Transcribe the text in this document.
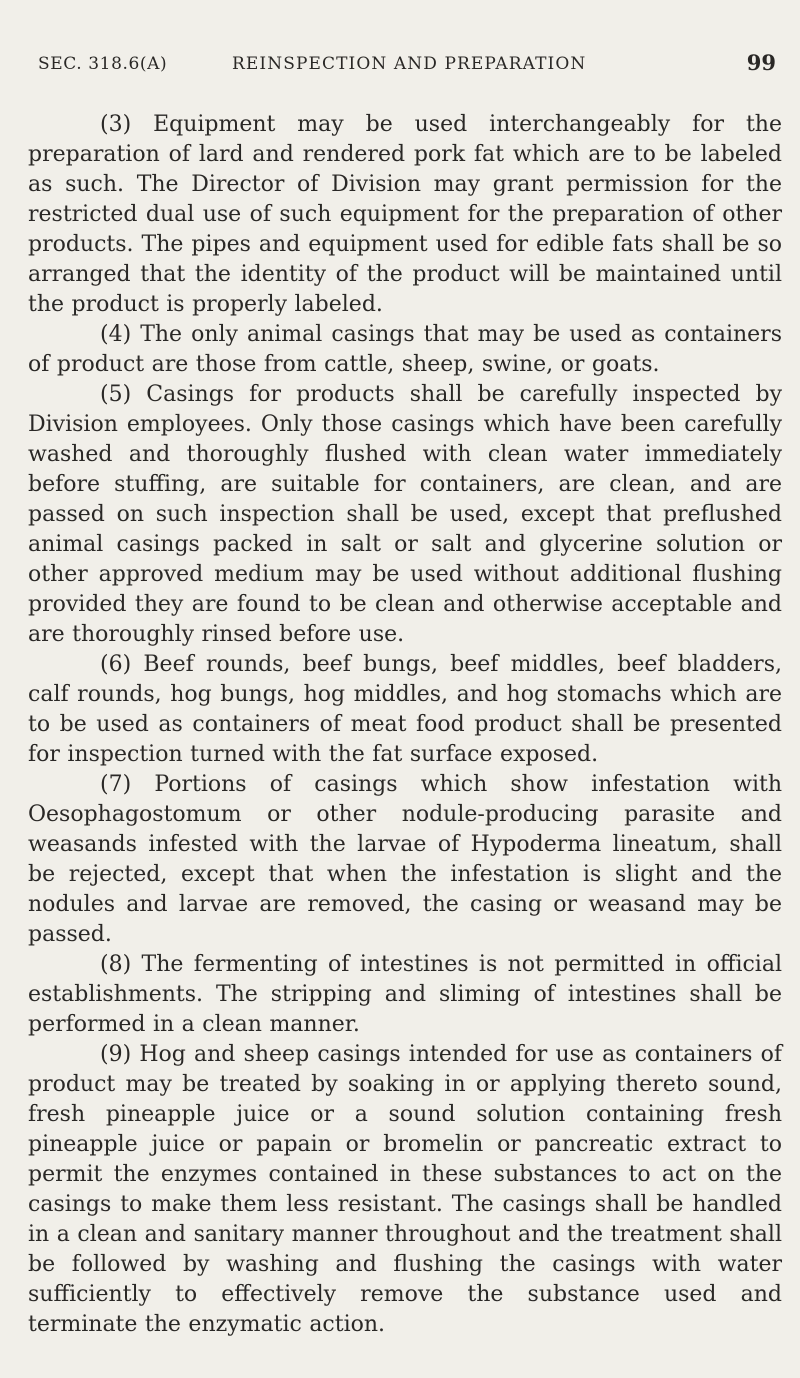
SEC. 318.6(A)	REINSPECTION AND PREPARATION	99

(3) Equipment may be used interchangeably for the preparation of lard and rendered pork fat which are to be labeled as such. The Director of Division may grant permission for the restricted dual use of such equipment for the preparation of other products. The pipes and equipment used for edible fats shall be so arranged that the identity of the product will be maintained until the product is properly labeled.

(4) The only animal casings that may be used as containers of product are those from cattle, sheep, swine, or goats.

(5) Casings for products shall be carefully inspected by Division employees. Only those casings which have been carefully washed and thoroughly flushed with clean water immediately before stuffing, are suitable for containers, are clean, and are passed on such inspection shall be used, except that preflushed animal casings packed in salt or salt and glycerine solution or other approved medium may be used without additional flushing provided they are found to be clean and otherwise acceptable and are thoroughly rinsed before use.

(6) Beef rounds, beef bungs, beef middles, beef bladders, calf rounds, hog bungs, hog middles, and hog stomachs which are to be used as containers of meat food product shall be presented for inspection turned with the fat surface exposed.

(7) Portions of casings which show infestation with Oesophagostomum or other nodule-producing parasite and weasands infested with the larvae of Hypoderma lineatum, shall be rejected, except that when the infestation is slight and the nodules and larvae are removed, the casing or weasand may be passed.

(8) The fermenting of intestines is not permitted in official establishments. The stripping and sliming of intestines shall be performed in a clean manner.

(9) Hog and sheep casings intended for use as containers of product may be treated by soaking in or applying thereto sound, fresh pineapple juice or a sound solution containing fresh pineapple juice or papain or bromelin or pancreatic extract to permit the enzymes contained in these substances to act on the casings to make them less resistant. The casings shall be handled in a clean and sanitary manner throughout and the treatment shall be followed by washing and flushing the casings with water sufficiently to effectively remove the substance used and terminate the enzymatic action.
